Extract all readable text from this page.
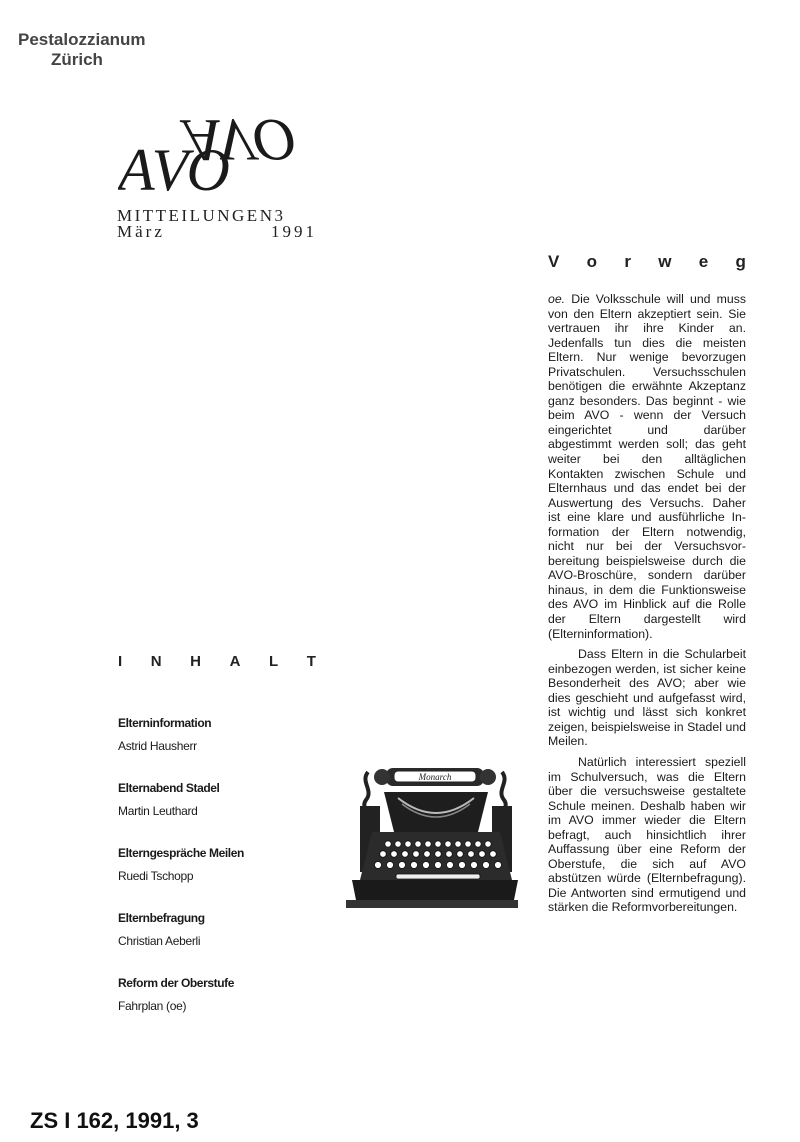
Pestalozzianum
Zürich
AVO
AVO
MITTEILUNGEN3
März	1991
V o r w e g

oe. Die Volksschule will und muss von den Eltern akzeptiert sein. Sie vertrauen ihr ihre Kinder an. Jedenfalls tun dies die meisten Eltern. Nur wenige bevorzugen Privatschulen. Versuchsschulen benötigen die erwähnte Akzeptanz ganz besonders. Das beginnt - wie beim AVO - wenn der Versuch eingerichtet und darüber abgestimmt werden soll; das geht weiter bei den alltäglichen Kontakten zwischen Schule und Elternhaus und das endet bei der Auswertung des Versuchs. Daher ist eine klare und ausführliche Information der Eltern notwendig, nicht nur bei der Versuchsvorbereitung beispielsweise durch die AVO-Broschüre, sondern darüber hinaus, in dem die Funktionsweise des AVO im Hinblick auf die Rolle der Eltern dargestellt wird (Elterninformation).

Dass Eltern in die Schularbeit einbezogen werden, ist sicher keine Besonderheit des AVO; aber wie dies geschieht und aufgefasst wird, ist wichtig und lässt sich konkret zeigen, beispielsweise in Stadel und Meilen.

Natürlich interessiert speziell im Schulversuch, was die Eltern über die versuchsweise gestaltete Schule meinen. Deshalb haben wir im AVO immer wieder die Eltern befragt, auch hinsichtlich ihrer Auffassung über eine Reform der Oberstufe, die sich auf AVO abstützen würde (Elternbefragung). Die Antworten sind ermutigend und stärken die Reformvorbereitungen.

I N H A L T
Elterninformation
Astrid Hausherr
Elternabend Stadel
Martin Leuthard
Elterngespräche Meilen
Ruedi Tschopp
Elternbefragung
Christian Aeberli
Reform der Oberstufe
Fahrplan (oe)
Monarch
ZS I 162, 1991, 3
